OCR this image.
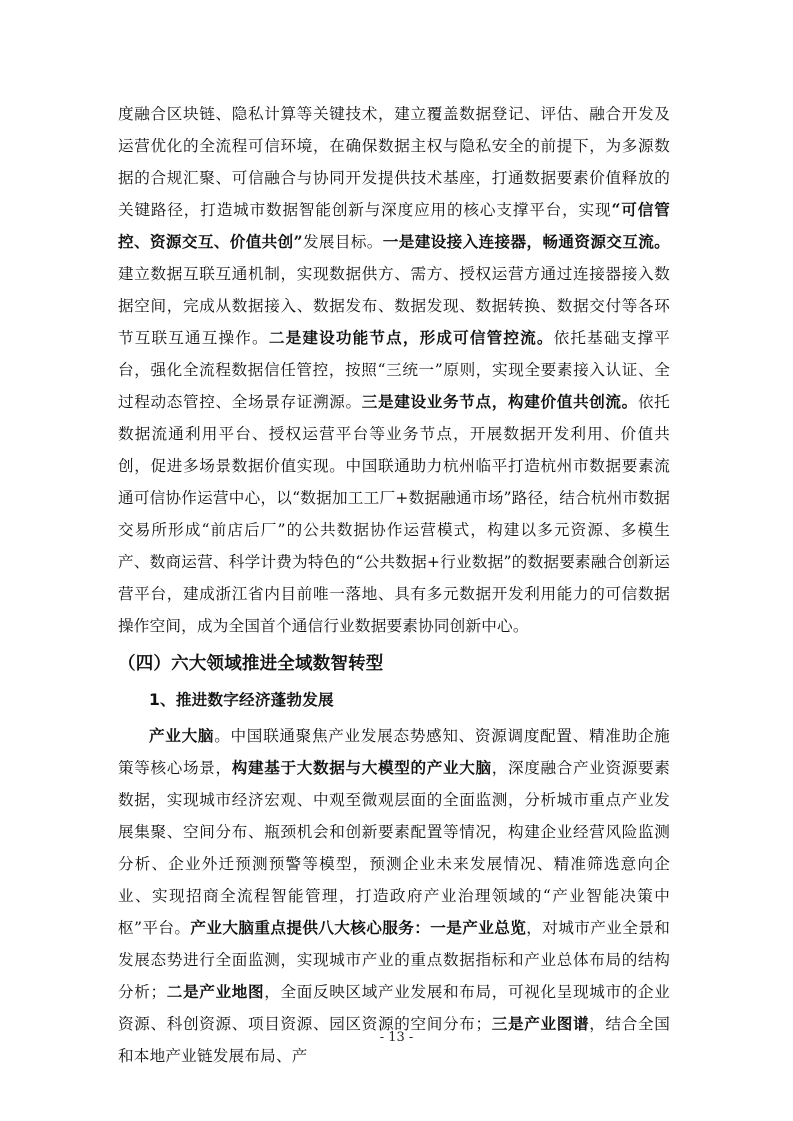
度融合区块链、隐私计算等关键技术，建立覆盖数据登记、评估、融合开发及运营优化的全流程可信环境，在确保数据主权与隐私安全的前提下，为多源数据的合规汇聚、可信融合与协同开发提供技术基座，打通数据要素价值释放的关键路径，打造城市数据智能创新与深度应用的核心支撑平台，实现“可信管控、资源交互、价值共创”发展目标。一是建设接入连接器，畅通资源交互流。建立数据互联互通机制，实现数据供方、需方、授权运营方通过连接器接入数据空间，完成从数据接入、数据发布、数据发现、数据转换、数据交付等各环节互联互通互操作。二是建设功能节点，形成可信管控流。依托基础支撑平台，强化全流程数据信任管控，按照“三统一”原则，实现全要素接入认证、全过程动态管控、全场景存证溯源。三是建设业务节点，构建价值共创流。依托数据流通利用平台、授权运营平台等业务节点，开展数据开发利用、价值共创，促进多场景数据价值实现。中国联通助力杭州临平打造杭州市数据要素流通可信协作运营中心，以“数据加工工厂+数据融通市场”路径，结合杭州市数据交易所形成“前店后厂”的公共数据协作运营模式，构建以多元资源、多模生产、数商运营、科学计费为特色的“公共数据+行业数据”的数据要素融合创新运营平台，建成浙江省内目前唯一落地、具有多元数据开发利用能力的可信数据操作空间，成为全国首个通信行业数据要素协同创新中心。

（四）六大领域推进全域数智转型
1、推进数字经济蓬勃发展

产业大脑。中国联通聚焦产业发展态势感知、资源调度配置、精准助企施策等核心场景，构建基于大数据与大模型的产业大脑，深度融合产业资源要素数据，实现城市经济宏观、中观至微观层面的全面监测，分析城市重点产业发展集聚、空间分布、瓶颈机会和创新要素配置等情况，构建企业经营风险监测分析、企业外迁预测预警等模型，预测企业未来发展情况、精准筛选意向企业、实现招商全流程智能管理，打造政府产业治理领域的“产业智能决策中枢”平台。产业大脑重点提供八大核心服务：一是产业总览，对城市产业全景和发展态势进行全面监测，实现城市产业的重点数据指标和产业总体布局的结构分析；二是产业地图，全面反映区域产业发展和布局，可视化呈现城市的企业资源、科创资源、项目资源、园区资源的空间分布；三是产业图谱，结合全国和本地产业链发展布局、产

- 13 -
